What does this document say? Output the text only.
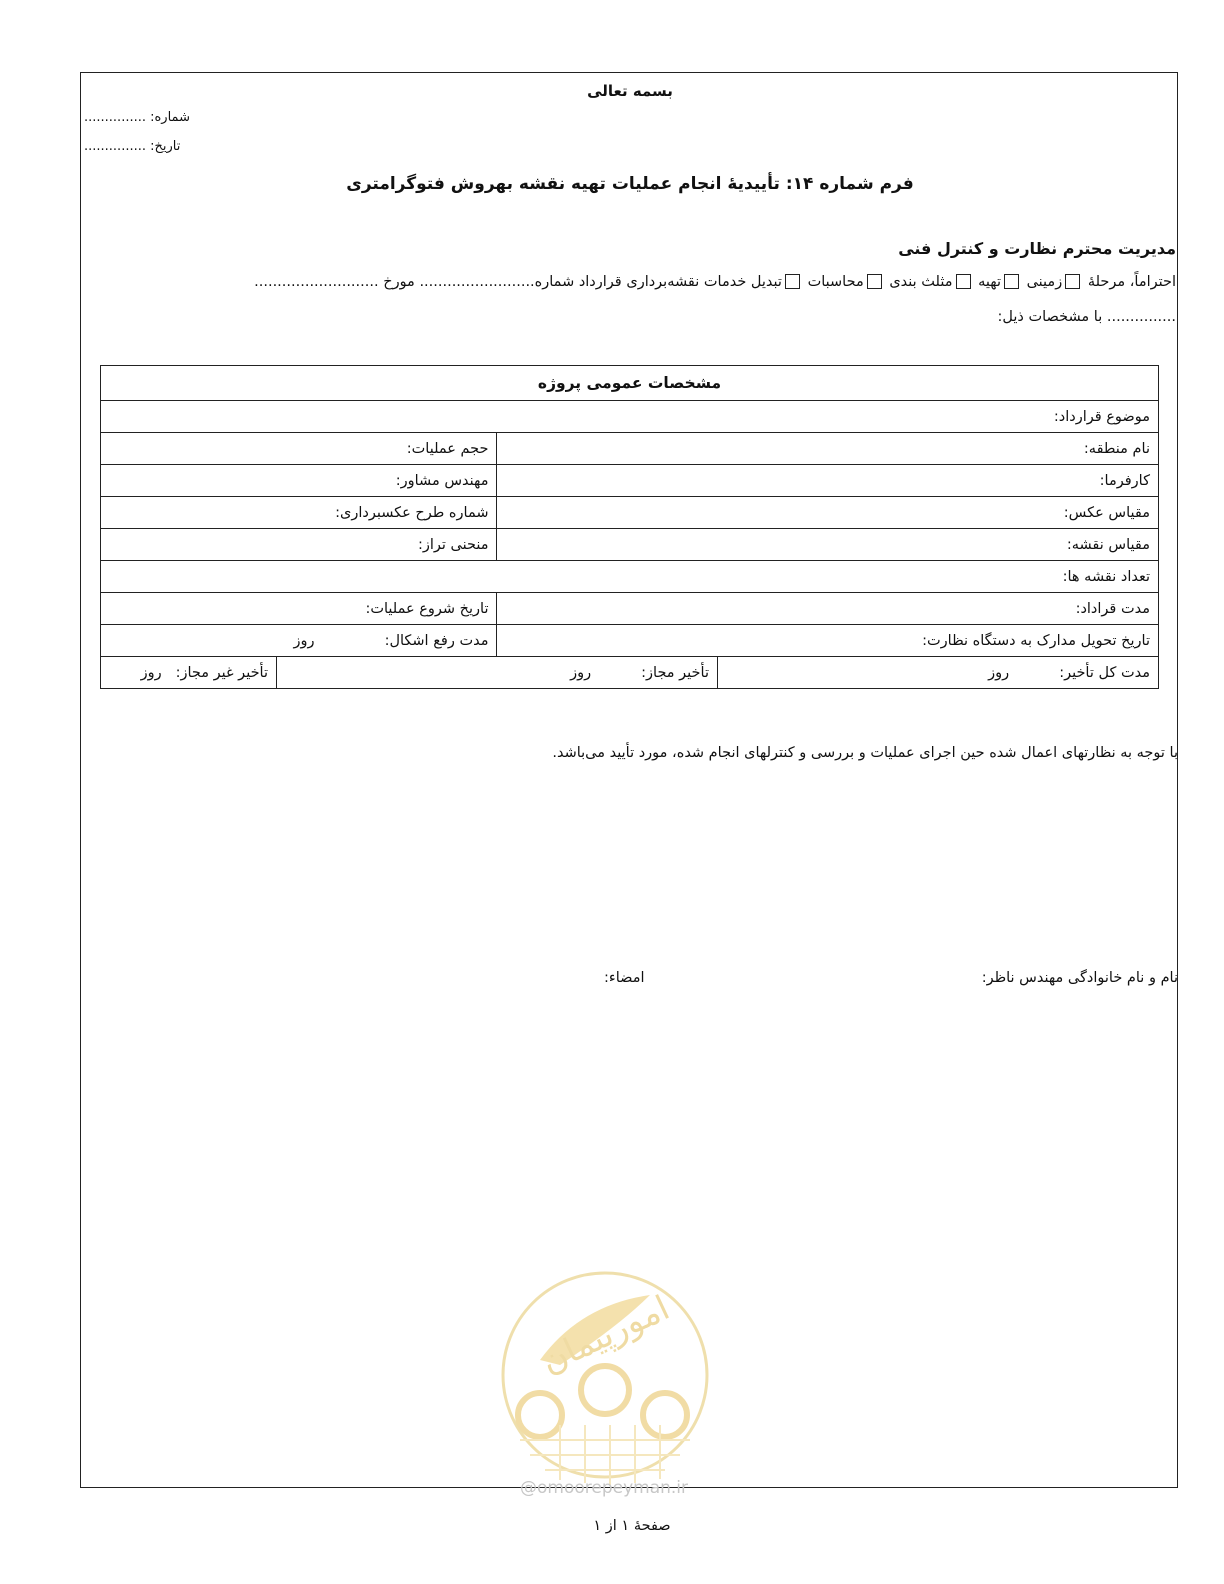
بسمه تعالی
شماره: ...............
تاریخ: ...............
فرم شماره ۱۴: تأییدیهٔ انجام عملیات تهیه نقشه بهروش فتوگرامتری
مدیریت محترم نظارت و کنترل فنی
احتراماً، مرحلهٔ زمینی تهیه مثلث بندی محاسبات تبدیل خدمات نقشه‌برداری قرارداد شماره......................... مورخ ...........................
............... با مشخصات ذیل:
مشخصات عمومی پروژه			
موضوع قرارداد:			
نام منطقه:		حجم عملیات:	
کارفرما:		مهندس مشاور:	
مقیاس عکس:		شماره طرح عکسبرداری:	
مقیاس نقشه:		منحنی تراز:	
تعداد نقشه ها:			
مدت قراداد:		تاریخ شروع عملیات:	
تاریخ تحویل مدارک به دستگاه نظارت:		مدت رفع اشکال:روز	
مدت کل تأخیر:روز	تأخیر مجاز:روز		تأخیر غیر مجاز:روز
با توجه به نظارتهای اعمال شده حین اجرای عملیات و بررسی و کنترلهای انجام شده، مورد تأیید می‌باشد.
نام و نام خانوادگی مهندس ناظر:
امضاء:
امورپیمان
@omoorepeyman.ir
صفحهٔ ۱ از ۱
